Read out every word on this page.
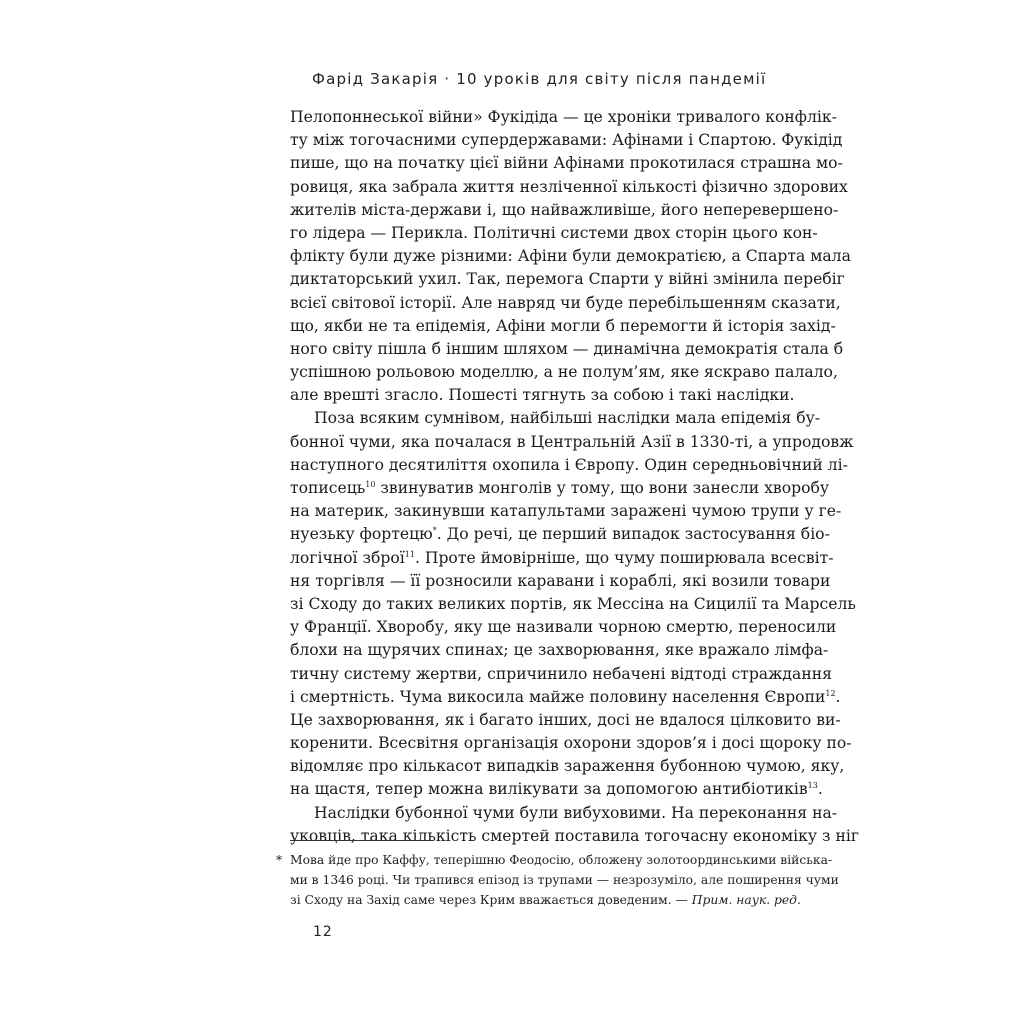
Фарід Закарія · 10 уроків для світу після пандемії
Пелопоннеської війни» Фукідіда — це хроніки тривалого конфлік-
ту між тогочасними супердержавами: Афінами і Спартою. Фукідід
пише, що на початку цієї війни Афінами прокотилася страшна мо-
ровиця, яка забрала життя незліченної кількості фізично здорових
жителів міста-держави і, що найважливіше, його неперевершено-
го лідера — Перикла. Політичні системи двох сторін цього кон-
флікту були дуже різними: Афіни були демократією, а Спарта мала
диктаторський ухил. Так, перемога Спарти у війні змінила перебіг
всієї світової історії. Але навряд чи буде перебільшенням сказати,
що, якби не та епідемія, Афіни могли б перемогти й історія захід-
ного світу пішла б іншим шляхом — динамічна демократія стала б
успішною рольовою моделлю, а не полум’ям, яке яскраво палало,
але врешті згасло. Пошесті тягнуть за собою і такі наслідки.
Поза всяким сумнівом, найбільші наслідки мала епідемія бу-
бонної чуми, яка почалася в Центральній Азії в 1330-ті, а упродовж
наступного десятиліття охопила і Європу. Один середньовічний лі-
тописець$^{10}$ звинуватив монголів у тому, що вони занесли хворобу
на материк, закинувши катапультами заражені чумою трупи у ге-
нуезьку фортецю*. До речі, це перший випадок застосування біо-
логічної зброї$^{11}$. Проте ймовірніше, що чуму поширювала всесвіт-
ня торгівля — її розносили каравани і кораблі, які возили товари
зі Сходу до таких великих портів, як Мессіна на Сицилії та Марсель
у Франції. Хворобу, яку ще називали чорною смертю, переносили
блохи на щурячих спинах; це захворювання, яке вражало лімфа-
тичну систему жертви, спричинило небачені відтоді страждання
і смертність. Чума викосила майже половину населення Європи$^{12}$.
Це захворювання, як і багато інших, досі не вдалося цілковито ви-
коренити. Всесвітня організація охорони здоров’я і досі щороку по-
відомляє про кількасот випадків зараження бубонною чумою, яку,
на щастя, тепер можна вилікувати за допомогою антибіотиків$^{13}$.
Наслідки бубонної чуми були вибуховими. На переконання на-
уковців, така кількість смертей поставила тогочасну економіку з ніг
* Мова йде про Каффу, теперішню Феодосію, обложену золотоординськими військa-
ми в 1346 році. Чи трапився епізод із трупами — незрозуміло, але поширення чуми
зі Сходу на Захід саме через Крим вважається доведеним. — Прим. наук. ред.
12
